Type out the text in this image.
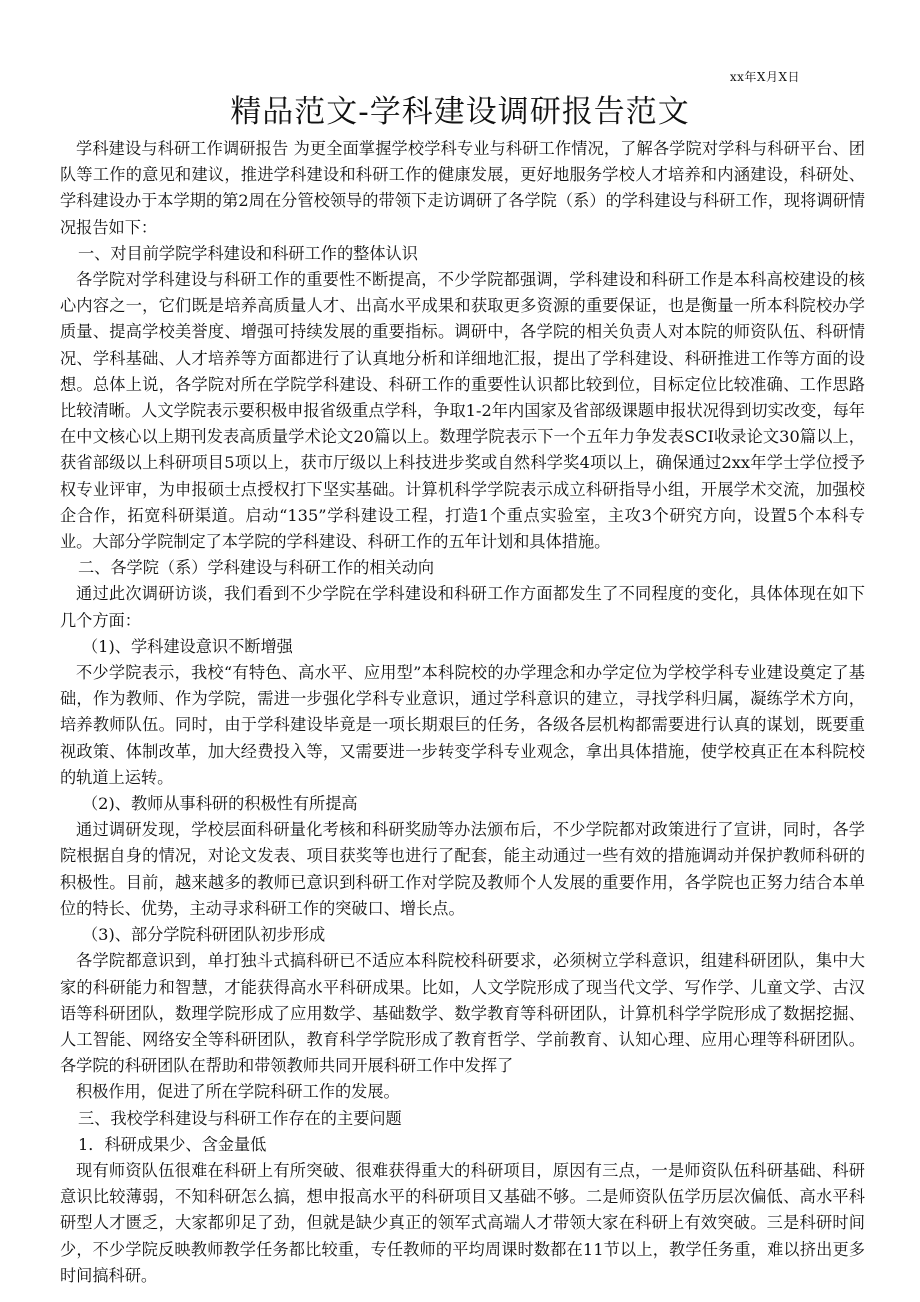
xx年X月X日
精品范文-学科建设调研报告范文

学科建设与科研工作调研报告 为更全面掌握学校学科专业与科研工作情况，了解各学院对学科与科研平台、团队等工作的意见和建议，推进学科建设和科研工作的健康发展，更好地服务学校人才培养和内涵建设，科研处、学科建设办于本学期的第2周在分管校领导的带领下走访调研了各学院（系）的学科建设与科研工作，现将调研情况报告如下：

一、对目前学院学科建设和科研工作的整体认识

各学院对学科建设与科研工作的重要性不断提高，不少学院都强调，学科建设和科研工作是本科高校建设的核心内容之一，它们既是培养高质量人才、出高水平成果和获取更多资源的重要保证，也是衡量一所本科院校办学质量、提高学校美誉度、增强可持续发展的重要指标。调研中，各学院的相关负责人对本院的师资队伍、科研情况、学科基础、人才培养等方面都进行了认真地分析和详细地汇报，提出了学科建设、科研推进工作等方面的设想。总体上说，各学院对所在学院学科建设、科研工作的重要性认识都比较到位，目标定位比较准确、工作思路比较清晰。人文学院表示要积极申报省级重点学科，争取1-2年内国家及省部级课题申报状况得到切实改变，每年在中文核心以上期刊发表高质量学术论文20篇以上。数理学院表示下一个五年力争发表SCI收录论文30篇以上，获省部级以上科研项目5项以上，获市厅级以上科技进步奖或自然科学奖4项以上，确保通过2xx年学士学位授予权专业评审，为申报硕士点授权打下坚实基础。计算机科学学院表示成立科研指导小组，开展学术交流，加强校企合作，拓宽科研渠道。启动“135”学科建设工程，打造1个重点实验室，主攻3个研究方向，设置5个本科专业。大部分学院制定了本学院的学科建设、科研工作的五年计划和具体措施。

二、各学院（系）学科建设与科研工作的相关动向

通过此次调研访谈，我们看到不少学院在学科建设和科研工作方面都发生了不同程度的变化，具体体现在如下几个方面：

（1)、学科建设意识不断增强

不少学院表示，我校“有特色、高水平、应用型”本科院校的办学理念和办学定位为学校学科专业建设奠定了基础，作为教师、作为学院，需进一步强化学科专业意识，通过学科意识的建立，寻找学科归属，凝练学术方向，培养教师队伍。同时，由于学科建设毕竟是一项长期艰巨的任务，各级各层机构都需要进行认真的谋划，既要重视政策、体制改革，加大经费投入等，又需要进一步转变学科专业观念，拿出具体措施，使学校真正在本科院校的轨道上运转。

（2)、教师从事科研的积极性有所提高

通过调研发现，学校层面科研量化考核和科研奖励等办法颁布后，不少学院都对政策进行了宣讲，同时，各学院根据自身的情况，对论文发表、项目获奖等也进行了配套，能主动通过一些有效的措施调动并保护教师科研的积极性。目前，越来越多的教师已意识到科研工作对学院及教师个人发展的重要作用，各学院也正努力结合本单位的特长、优势，主动寻求科研工作的突破口、增长点。

（3)、部分学院科研团队初步形成

各学院都意识到，单打独斗式搞科研已不适应本科院校科研要求，必须树立学科意识，组建科研团队，集中大家的科研能力和智慧，才能获得高水平科研成果。比如，人文学院形成了现当代文学、写作学、儿童文学、古汉语等科研团队，数理学院形成了应用数学、基础数学、数学教育等科研团队，计算机科学学院形成了数据挖掘、人工智能、网络安全等科研团队，教育科学学院形成了教育哲学、学前教育、认知心理、应用心理等科研团队。各学院的科研团队在帮助和带领教师共同开展科研工作中发挥了

积极作用，促进了所在学院科研工作的发展。

三、我校学科建设与科研工作存在的主要问题

1．科研成果少、含金量低

现有师资队伍很难在科研上有所突破、很难获得重大的科研项目，原因有三点，一是师资队伍科研基础、科研意识比较薄弱，不知科研怎么搞，想申报高水平的科研项目又基础不够。二是师资队伍学历层次偏低、高水平科研型人才匮乏，大家都卯足了劲，但就是缺少真正的领军式高端人才带领大家在科研上有效突破。三是科研时间少，不少学院反映教师教学任务都比较重，专任教师的平均周课时数都在11节以上，教学任务重，难以挤出更多时间搞科研。
